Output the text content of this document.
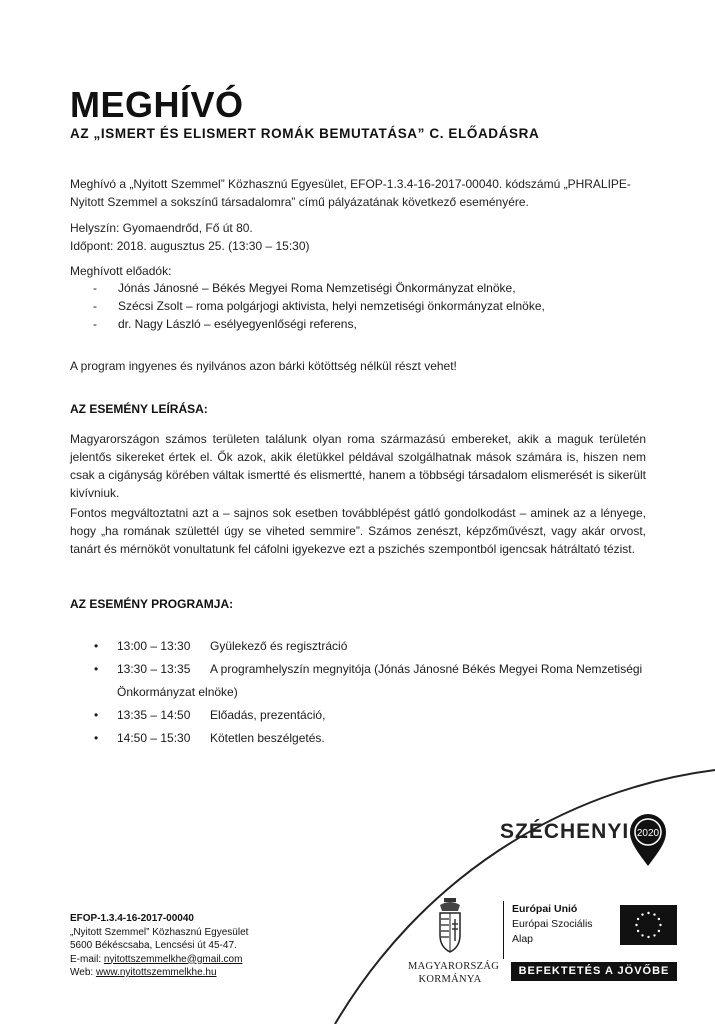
MEGHÍVÓ
AZ „ISMERT ÉS ELISMERT ROMÁK BEMUTATÁSA” C. ELŐADÁSRA
Meghívó a „Nyitott Szemmel” Közhasznú Egyesület, EFOP-1.3.4-16-2017-00040. kódszámú „PHRALIPE-
Nyitott Szemmel a sokszínű társadalomra” című pályázatának következő eseményére.
Helyszín: Gyomaendrőd, Fő út 80.
Időpont: 2018. augusztus 25. (13:30 – 15:30)
Meghívott előadók:
- Jónás Jánosné – Békés Megyei Roma Nemzetiségi Önkormányzat elnöke,
- Szécsi Zsolt – roma polgárjogi aktivista, helyi nemzetiségi önkormányzat elnöke,
- dr. Nagy László – esélyegyenlőségi referens,
A program ingyenes és nyilvános azon bárki kötöttség nélkül részt vehet!
AZ ESEMÉNY LEÍRÁSA:
Magyarországon számos területen találunk olyan roma származású embereket, akik a maguk területén jelentős sikereket értek el. Ők azok, akik életükkel példával szolgálhatnak mások számára is, hiszen nem csak a cigányság körében váltak ismertté és elismertté, hanem a többségi társadalom elismerését is sikerült kivívniuk.
Fontos megváltoztatni azt a – sajnos sok esetben továbblépést gátló gondolkodást – aminek az a lényege, hogy „ha romának születtél úgy se viheted semmire”. Számos zenészt, képzőművészt, vagy akár orvost, tanárt és mérnököt vonultatunk fel cáfolni igyekezve ezt a pszichés szempontból igencsak hátráltató tézist.
AZ ESEMÉNY PROGRAMJA:
•	13:00 – 13:30	Gyülekező és regisztráció
•	13:30 – 13:35	A programhelyszín megnyitója (Jónás Jánosné Békés Megyei Roma Nemzetiségi
Önkormányzat elnöke)
•	13:35 – 14:50	Előadás, prezentáció,
•	14:50 – 15:30	Kötetlen beszélgetés.
SZÉCHENYI 2020
MAGYARORSZÁG
KORMÁNYA
Európai Unió
Európai Szociális
Alap
BEFEKTETÉS A JÖVŐBE
EFOP-1.3.4-16-2017-00040
„Nyitott Szemmel” Közhasznú Egyesület
5600 Békéscsaba, Lencsési út 45-47.
E-mail: nyitottszemmelkhe@gmail.com
Web: www.nyitottszemmelkhe.hu
